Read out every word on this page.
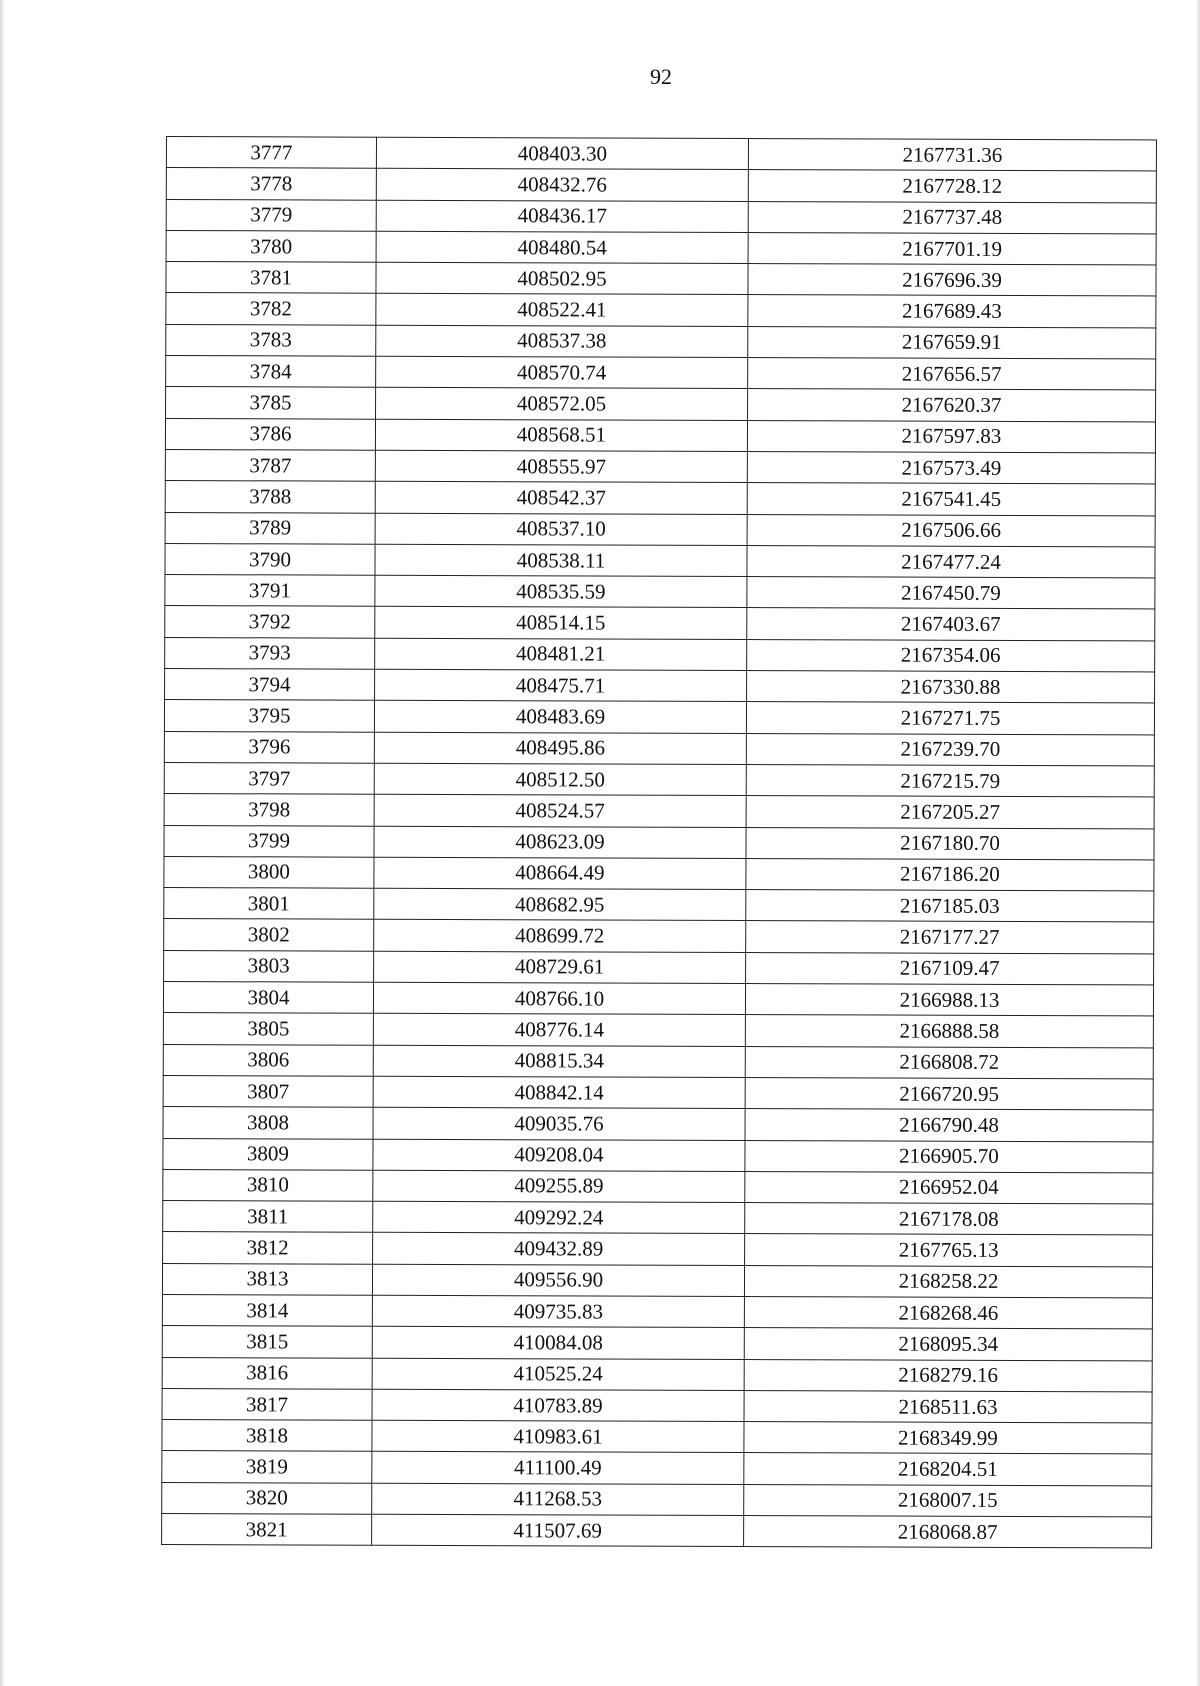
92
3777	408403.30	2167731.36
3778	408432.76	2167728.12
3779	408436.17	2167737.48
3780	408480.54	2167701.19
3781	408502.95	2167696.39
3782	408522.41	2167689.43
3783	408537.38	2167659.91
3784	408570.74	2167656.57
3785	408572.05	2167620.37
3786	408568.51	2167597.83
3787	408555.97	2167573.49
3788	408542.37	2167541.45
3789	408537.10	2167506.66
3790	408538.11	2167477.24
3791	408535.59	2167450.79
3792	408514.15	2167403.67
3793	408481.21	2167354.06
3794	408475.71	2167330.88
3795	408483.69	2167271.75
3796	408495.86	2167239.70
3797	408512.50	2167215.79
3798	408524.57	2167205.27
3799	408623.09	2167180.70
3800	408664.49	2167186.20
3801	408682.95	2167185.03
3802	408699.72	2167177.27
3803	408729.61	2167109.47
3804	408766.10	2166988.13
3805	408776.14	2166888.58
3806	408815.34	2166808.72
3807	408842.14	2166720.95
3808	409035.76	2166790.48
3809	409208.04	2166905.70
3810	409255.89	2166952.04
3811	409292.24	2167178.08
3812	409432.89	2167765.13
3813	409556.90	2168258.22
3814	409735.83	2168268.46
3815	410084.08	2168095.34
3816	410525.24	2168279.16
3817	410783.89	2168511.63
3818	410983.61	2168349.99
3819	411100.49	2168204.51
3820	411268.53	2168007.15
3821	411507.69	2168068.87
